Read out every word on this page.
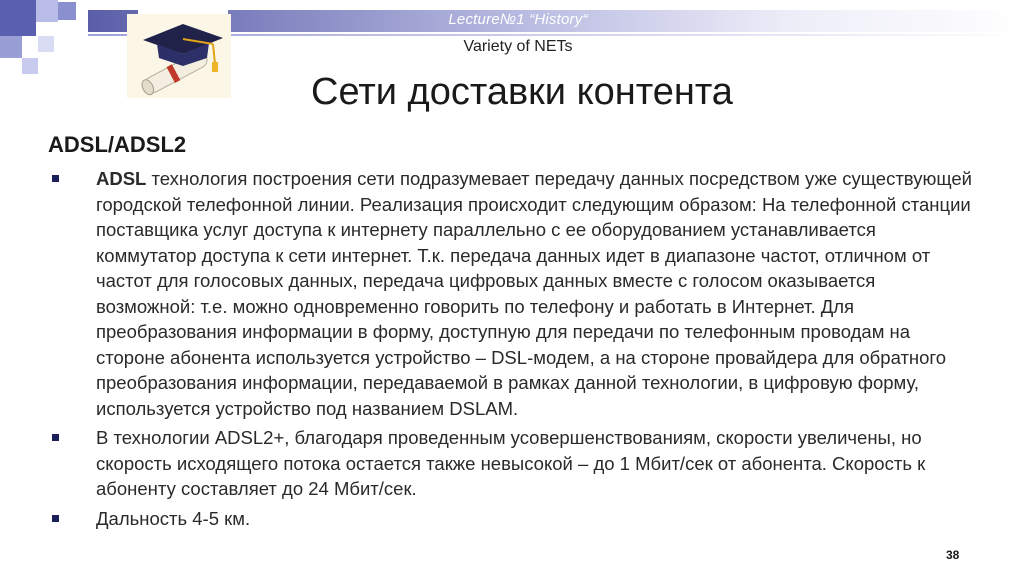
Lecture№1 “History“
Variety of NETs
Сети доставки контента
ADSL/ADSL2
ADSL технология построения сети подразумевает передачу данных посредством уже существующей городской телефонной линии. Реализация происходит следующим образом: На телефонной станции поставщика услуг доступа к интернету параллельно с ее оборудованием устанавливается коммутатор доступа к сети интернет. Т.к. передача данных идет в диапазоне частот, отличном от частот для голосовых данных, передача цифровых данных вместе с голосом оказывается возможной: т.е. можно одновременно говорить по телефону и работать в Интернет. Для преобразования информации в форму, доступную для передачи по телефонным проводам на стороне абонента используется устройство – DSL-модем, а на стороне провайдера для обратного преобразования информации, передаваемой в рамках данной технологии, в цифровую форму, используется устройство под названием DSLAM.
В технологии ADSL2+, благодаря проведенным усовершенствованиям, скорости увеличены, но скорость исходящего потока остается также невысокой – до 1 Мбит/сек от абонента. Скорость к абоненту составляет до 24 Мбит/сек.
Дальность 4-5 км.
38
